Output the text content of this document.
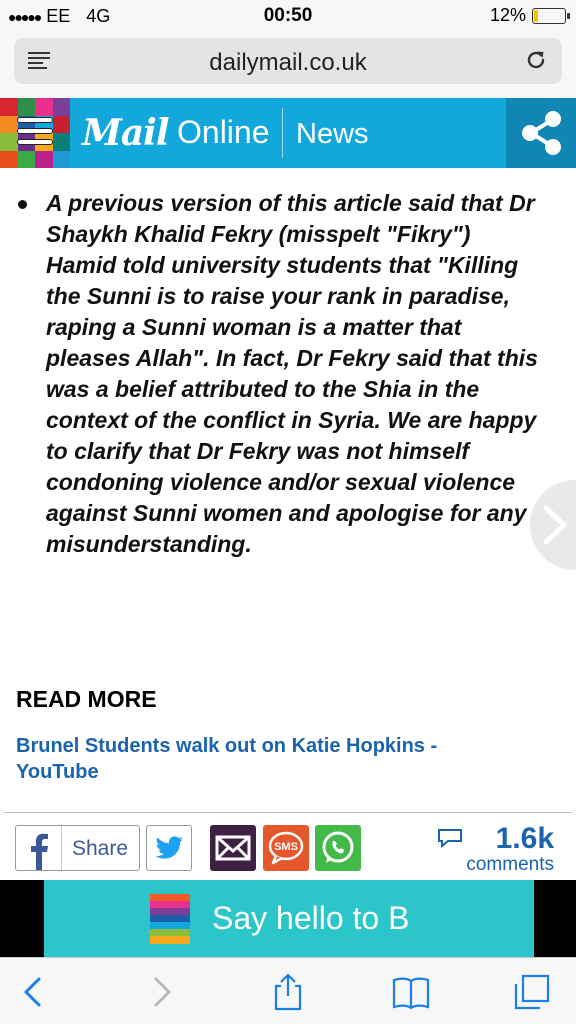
●●●●● EE 4G	00:50	12%
dailymail.co.uk
Mail Online News
A previous version of this article said that Dr Shaykh Khalid Fekry (misspelt "Fikry") Hamid told university students that "Killing the Sunni is to raise your rank in paradise, raping a Sunni woman is a matter that pleases Allah". In fact, Dr Fekry said that this was a belief attributed to the Shia in the context of the conflict in Syria. We are happy to clarify that Dr Fekry was not himself condoning violence and/or sexual violence against Sunni women and apologise for any misunderstanding.
READ MORE
Brunel Students walk out on Katie Hopkins - YouTube
Share	SMS	1.6k
comments
Say hello to B
